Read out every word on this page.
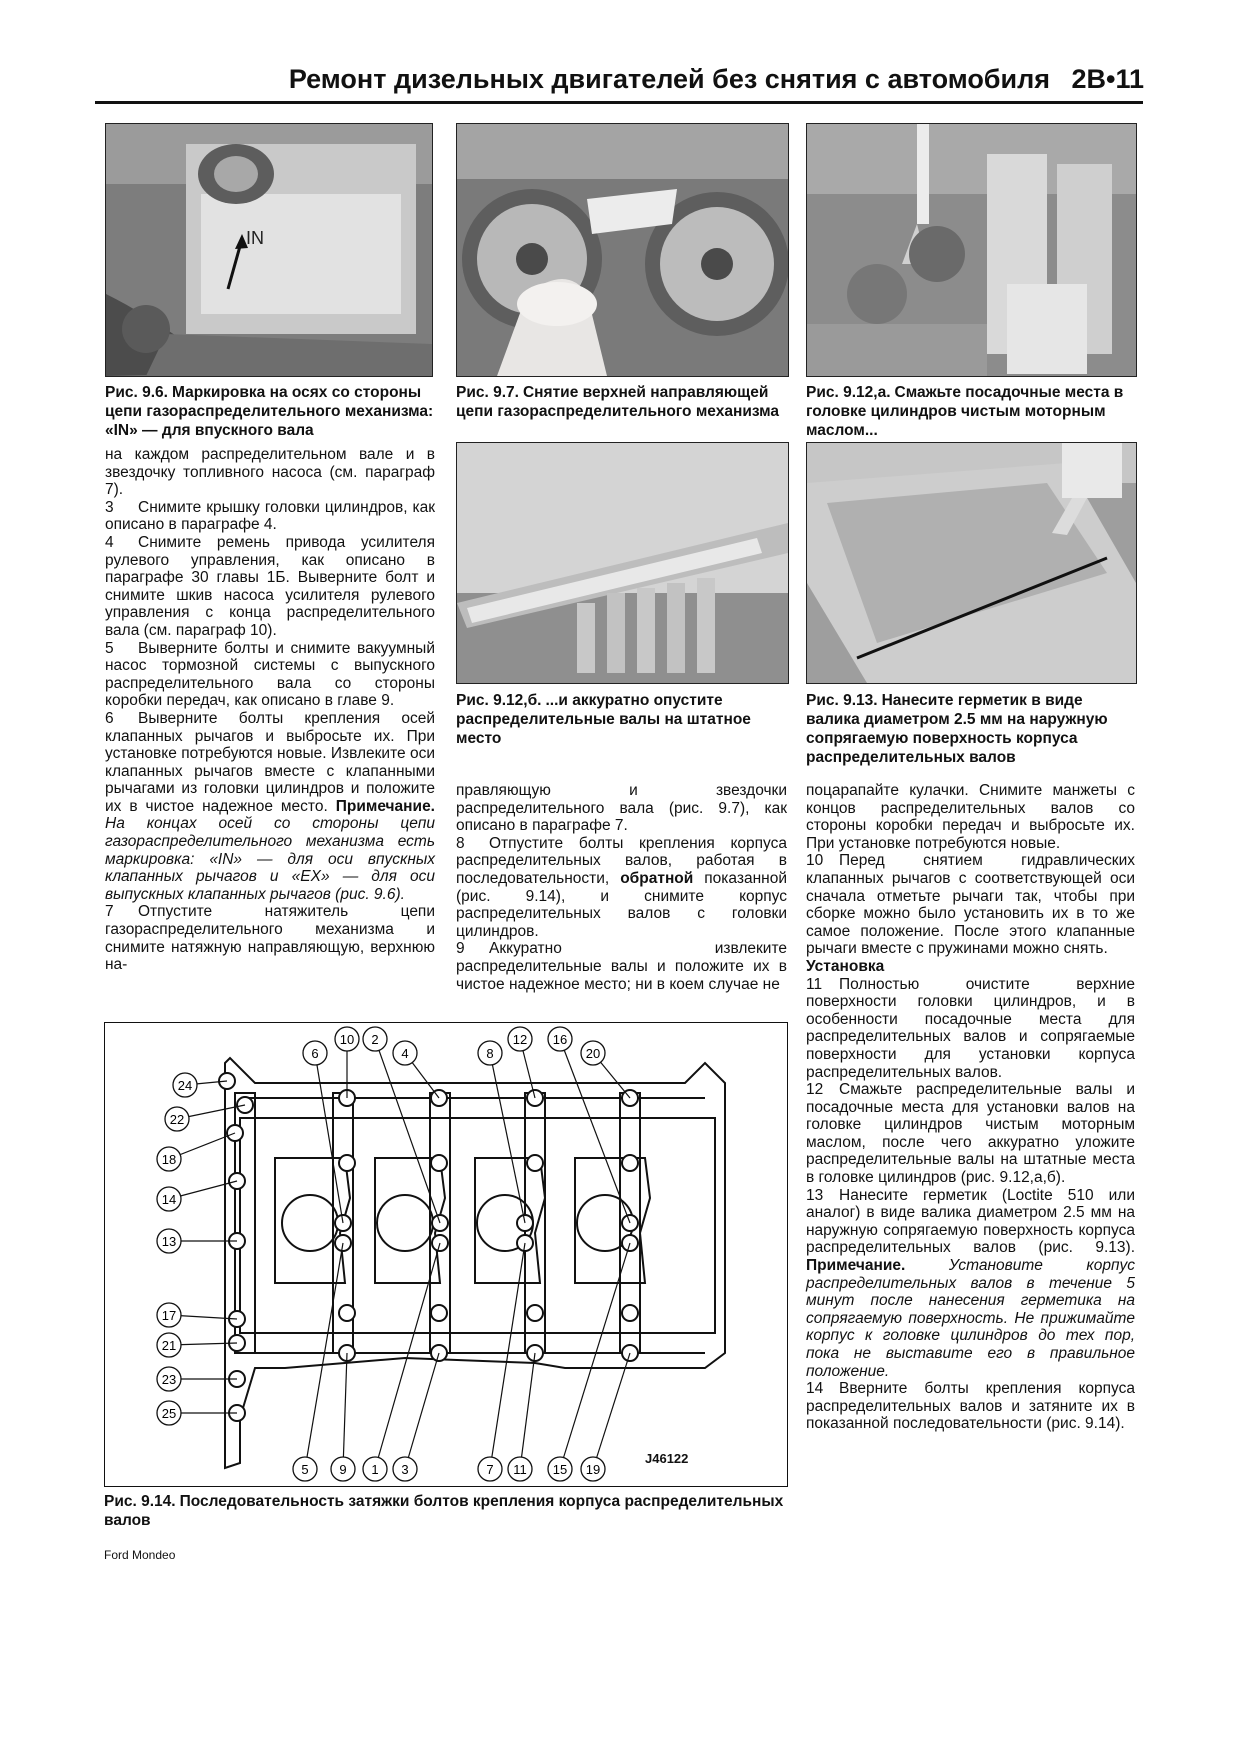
Ремонт дизельных двигателей без снятия с автомобиля 2B•11
IN
Рис. 9.6. Маркировка на осях со стороны цепи газораспределительного механизма: «IN» — для впускного вала
Рис. 9.7. Снятие верхней направляющей цепи газораспределительного механизма
Рис. 9.12,а. Смажьте посадочные места в головке цилиндров чистым моторным маслом...
Рис. 9.12,б. ...и аккуратно опустите распределительные валы на штатное место
Рис. 9.13. Нанесите герметик в виде валика диаметром 2.5 мм на наружную сопрягаемую поверхность корпуса распределительных валов

на каждом распределительном вале и в звездочку топливного насоса (см. параграф 7).

3 Снимите крышку головки цилиндров, как описано в параграфе 4.

4 Снимите ремень привода усилителя рулевого управления, как описано в параграфе 30 главы 1Б. Выверните болт и снимите шкив насоса усилителя рулевого управления с конца распределительного вала (см. параграф 10).

5 Выверните болты и снимите вакуумный насос тормозной системы с выпускного распределительного вала со стороны коробки передач, как описано в главе 9.

6 Выверните болты крепления осей клапанных рычагов и выбросьте их. При установке потребуются новые. Извлеките оси клапанных рычагов вместе с клапанными рычагами из головки цилиндров и положите их в чистое надежное место. Примечание. На концах осей со стороны цепи газораспределительного механизма есть маркировка: «IN» — для оси впускных клапанных рычагов и «EX» — для оси выпускных клапанных рычагов (рис. 9.6).

7 Отпустите натяжитель цепи газораспределительного механизма и снимите натяжную направляющую, верхнюю на-

правляющую и звездочки распределительного вала (рис. 9.7), как описано в параграфе 7.

8 Отпустите болты крепления корпуса распределительных валов, работая в последовательности, обратной показанной (рис. 9.14), и снимите корпус распределительных валов с головки цилиндров.

9 Аккуратно извлеките распределительные валы и положите их в чистое надежное место; ни в коем случае не

поцарапайте кулачки. Снимите манжеты с концов распределительных валов со стороны коробки передач и выбросьте их. При установке потребуются новые.

10 Перед снятием гидравлических клапанных рычагов с соответствующей оси сначала отметьте рычаги так, чтобы при сборке можно было установить их в то же самое положение. После этого клапанные рычаги вместе с пружинами можно снять.

Установка

11 Полностью очистите верхние поверхности головки цилиндров, и в особенности посадочные места для распределительных валов и сопрягаемые поверхности для установки корпуса распределительных валов.

12 Смажьте распределительные валы и посадочные места для установки валов на головке цилиндров чистым моторным маслом, после чего аккуратно уложите распределительные валы на штатные места в головке цилиндров (рис. 9.12,а,б).

13 Нанесите герметик (Loctite 510 или аналог) в виде валика диаметром 2.5 мм на наружную сопрягаемую поверхность корпуса распределительных валов (рис. 9.13). Примечание.	Установите корпус распределительных валов в течение 5 минут после нанесения герметика на сопрягаемую поверхность. Не прижимайте корпус к головке цилиндров до тех пор, пока не выставите его в правильное положение.

14 Вверните болты крепления корпуса распределительных валов и затяните их в показанной последовательности (рис. 9.14).

24
22
18
14
13
17
21
23
25
6
10 2
4	8
12 16
20
5 9 1 3	7 11 15 19
J46122
Рис. 9.14. Последовательность затяжки болтов крепления корпуса распределительных валов
Ford Mondeo
